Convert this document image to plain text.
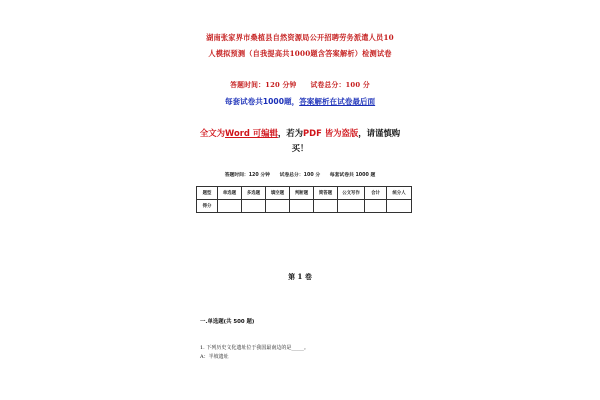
湖南张家界市桑植县自然资源局公开招聘劳务派遣人员10
人模拟预测（自我提高共1000题含答案解析）检测试卷
答题时间：120 分钟　　试卷总分：100 分
每套试卷共1000题，答案解析在试卷最后面
全文为Word 可编辑，若为PDF 皆为盗版，请谨慎购
买！
答题时间：120 分钟 试卷总分：100 分 每套试卷共 1000 题
题型	单选题	多选题	填空题	判断题	简答题	公文写作	合计	统分人
得分								
第 1 卷
一.单选题(共 500 题)
1. 下列历史文化遗址位于我国最南边的是_____。
A：半坡遗址
